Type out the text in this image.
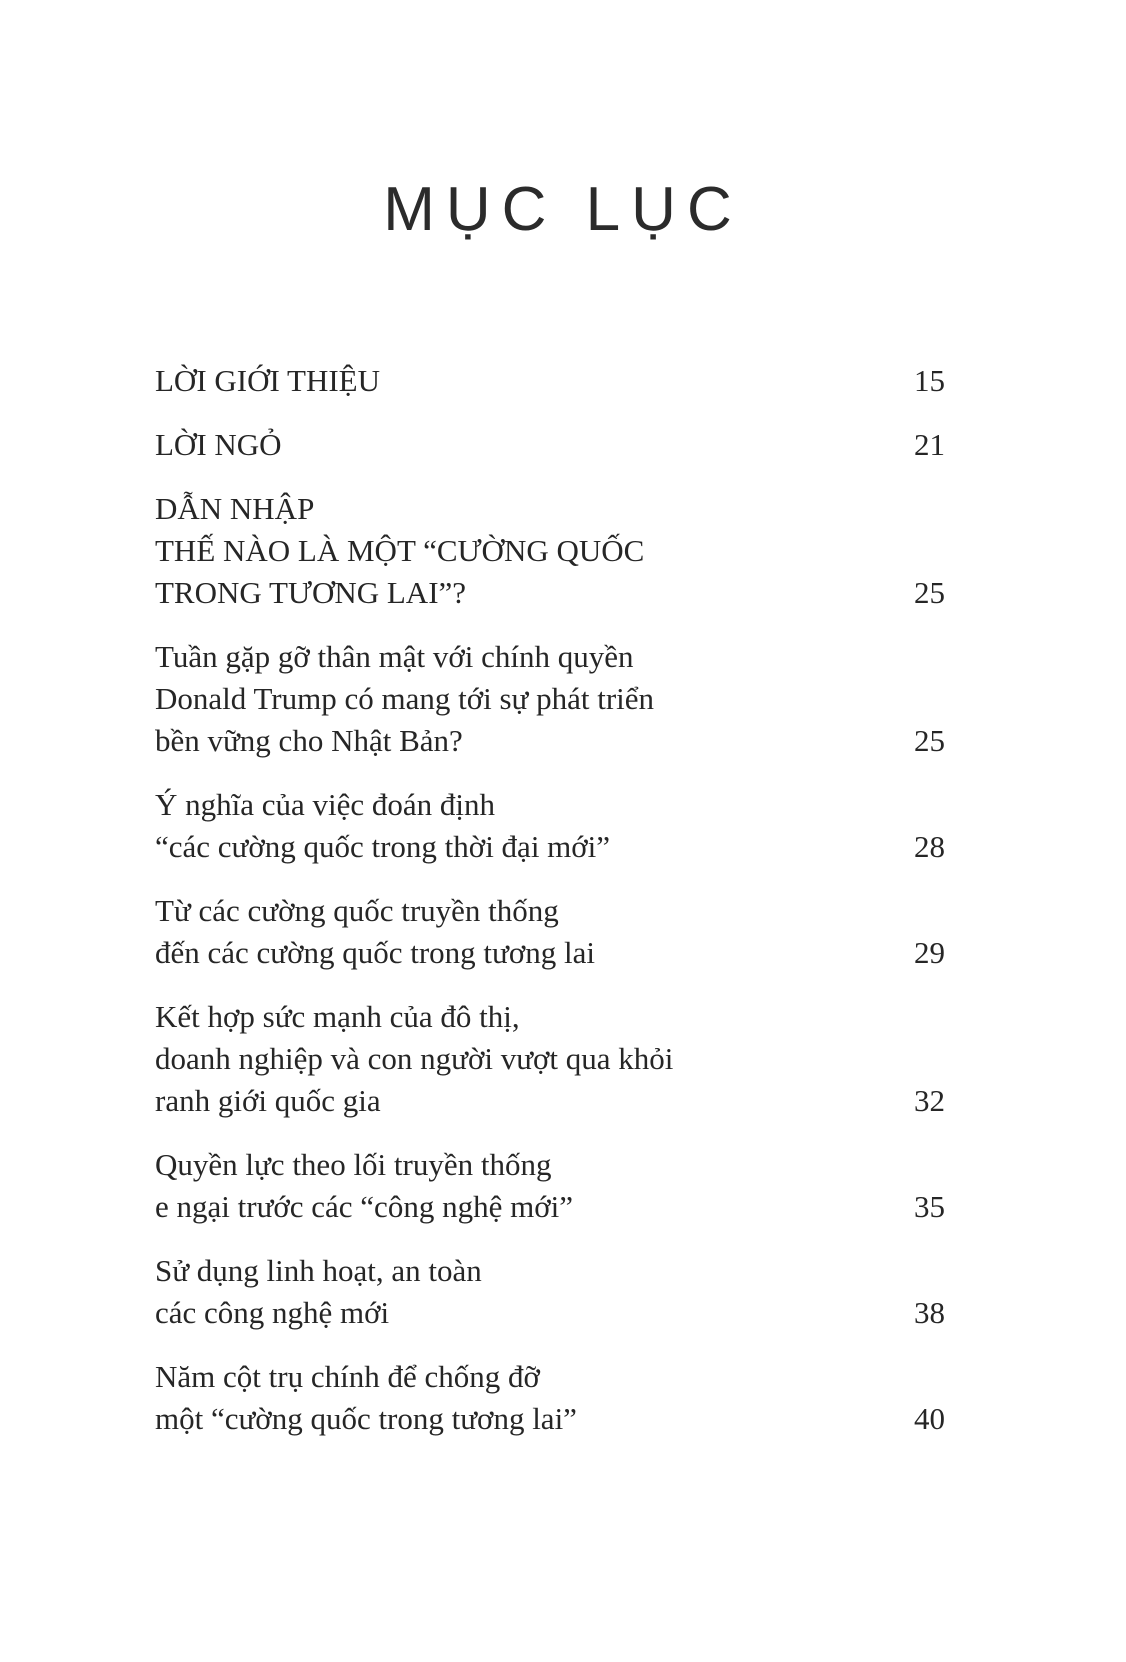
MỤC LỤC
LỜI GIỚI THIỆU	15
LỜI NGỎ	21
DẪN NHẬP
THẾ NÀO LÀ MỘT “CƯỜNG QUỐC
TRONG TƯƠNG LAI”?	25
Tuần gặp gỡ thân mật với chính quyền
Donald Trump có mang tới sự phát triển
bền vững cho Nhật Bản?	25
Ý nghĩa của việc đoán định
“các cường quốc trong thời đại mới”	28
Từ các cường quốc truyền thống
đến các cường quốc trong tương lai	29
Kết hợp sức mạnh của đô thị,
doanh nghiệp và con người vượt qua khỏi
ranh giới quốc gia	32
Quyền lực theo lối truyền thống
e ngại trước các “công nghệ mới”	35
Sử dụng linh hoạt, an toàn
các công nghệ mới	38
Năm cột trụ chính để chống đỡ
một “cường quốc trong tương lai”	40
